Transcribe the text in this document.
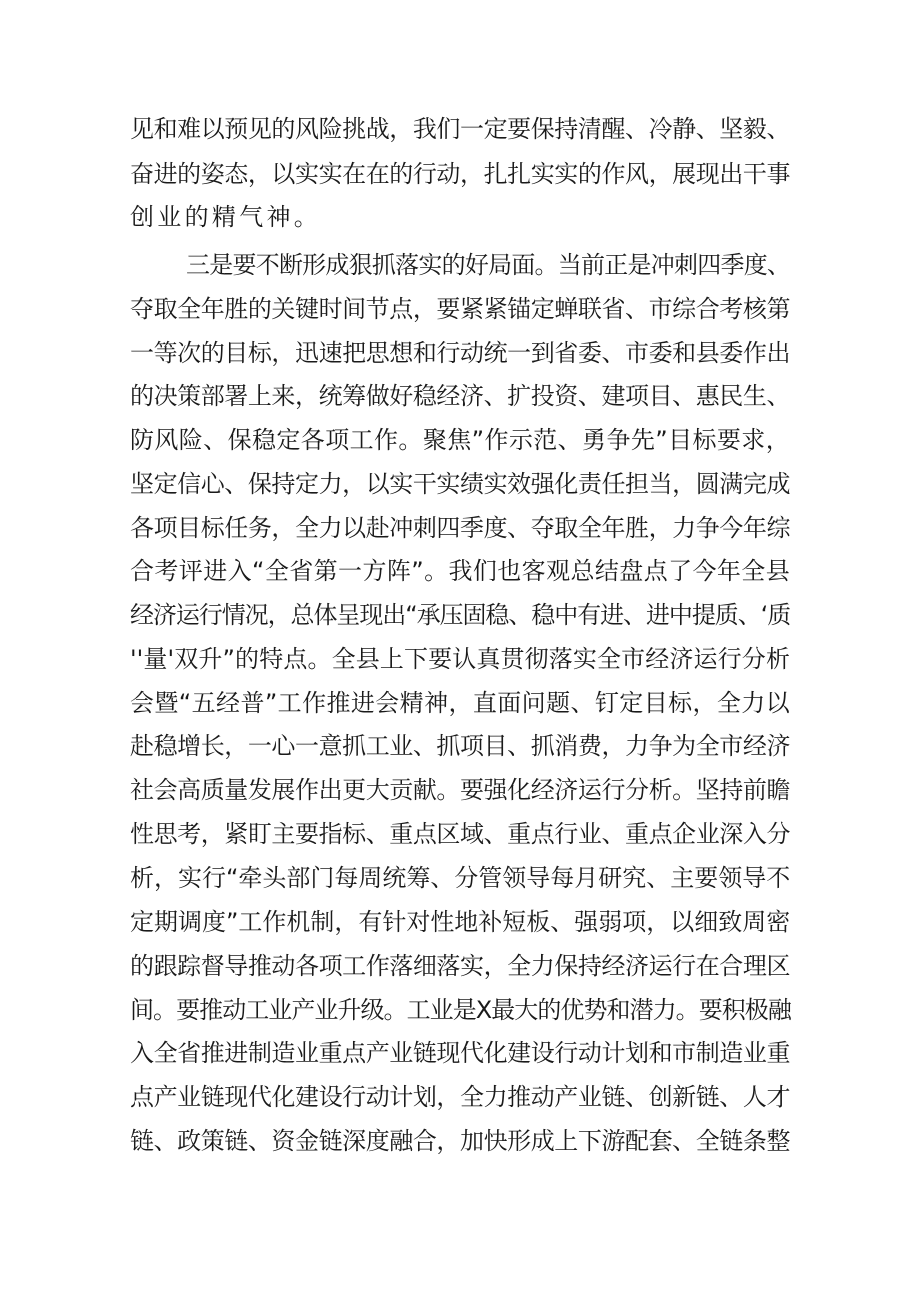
见和难以预见的风险挑战，我们一定要保持清醒、冷静、坚毅、
奋进的姿态，以实实在在的行动，扎扎实实的作风，展现出干事
创业的精气神。
三是要不断形成狠抓落实的好局面。当前正是冲刺四季度、
夺取全年胜的关键时间节点，要紧紧锚定蝉联省、市综合考核第
一等次的目标，迅速把思想和行动统一到省委、市委和县委作出
的决策部署上来，统筹做好稳经济、扩投资、建项目、惠民生、
防风险、保稳定各项工作。聚焦”作示范、勇争先”目标要求，
坚定信心、保持定力，以实干实绩实效强化责任担当，圆满完成
各项目标任务，全力以赴冲刺四季度、夺取全年胜，力争今年综
合考评进入“全省第一方阵”。我们也客观总结盘点了今年全县
经济运行情况，总体呈现出“承压固稳、稳中有进、进中提质、‘质
''量'双升”的特点。全县上下要认真贯彻落实全市经济运行分析
会暨“五经普”工作推进会精神，直面问题、钉定目标，全力以
赴稳增长，一心一意抓工业、抓项目、抓消费，力争为全市经济
社会高质量发展作出更大贡献。要强化经济运行分析。坚持前瞻
性思考，紧盯主要指标、重点区域、重点行业、重点企业深入分
析，实行“牵头部门每周统筹、分管领导每月研究、主要领导不
定期调度”工作机制，有针对性地补短板、强弱项，以细致周密
的跟踪督导推动各项工作落细落实，全力保持经济运行在合理区
间。要推动工业产业升级。工业是X最大的优势和潜力。要积极融
入全省推进制造业重点产业链现代化建设行动计划和市制造业重
点产业链现代化建设行动计划，全力推动产业链、创新链、人才
链、政策链、资金链深度融合，加快形成上下游配套、全链条整
